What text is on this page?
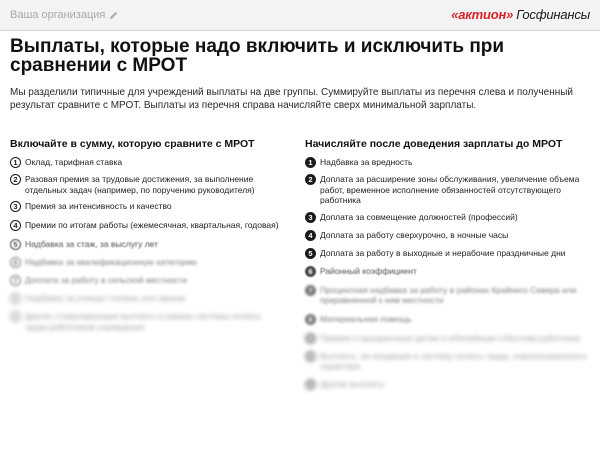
Ваша организация	«актион» Госфинансы
Выплаты, которые надо включить и исключить при сравнении с МРОТ

Мы разделили типичные для учреждений выплаты на две группы. Суммируйте выплаты из перечня слева и полученный результат сравните с МРОТ. Выплаты из перечня справа начисляйте сверх минимальной зарплаты.

Включайте в сумму, которую сравните с МРОТ
1 Оклад, тарифная ставка
2 Разовая премия за трудовые достижения, за выполнение отдельных задач (например, по поручению руководителя)
3 Премия за интенсивность и качество
4 Премии по итогам работы (ежемесячная, квартальная, годовая)
5 Надбавка за стаж, за выслугу лет
6 Надбавка за квалификационную категорию
7 Доплата за работу в сельской местности
8 Надбавка за ученую степень или звание
9 Другие стимулирующие выплаты в рамках системы оплаты труда работников учреждения
Начисляйте после доведения зарплаты до МРОТ
1 Надбавка за вредность
2 Доплата за расширение зоны обслуживания, увеличение объема работ, временное исполнение обязанностей отсутствующего работника
3 Доплата за совмещение должностей (профессий)
4 Доплата за работу сверхурочно, в ночные часы
5 Доплата за работу в выходные и нерабочие праздничные дни
6 Районный коэффициент
7 Процентная надбавка за работу в районах Крайнего Севера или приравненной к ним местности
8 Материальная помощь
9 Премии к праздничным датам и юбилейным событиям работника
10 Выплаты, не входящие в систему оплаты труда, компенсационного характера
11 Другие выплаты
